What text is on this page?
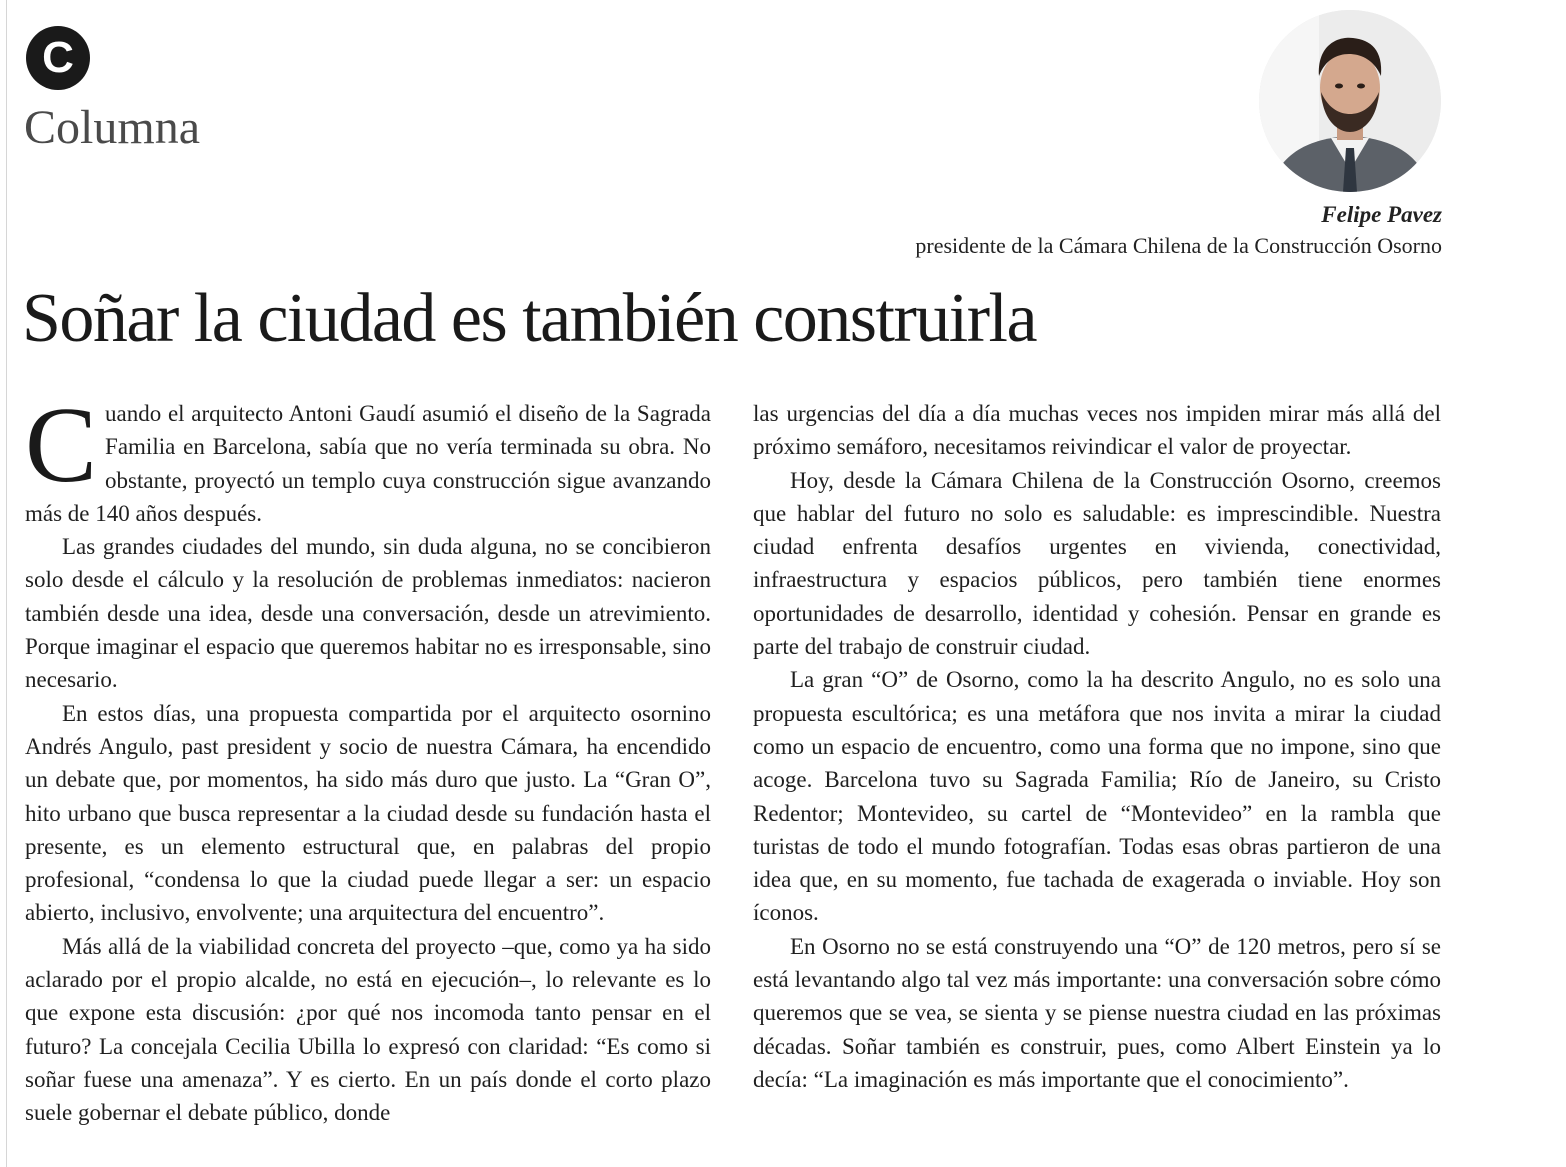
C
Columna
Felipe Pavez
presidente de la Cámara Chilena de la Construcción Osorno
Soñar la ciudad es también construirla

Cuando el arquitecto Antoni Gaudí asumió el diseño de la Sagrada Familia en Barcelona, sabía que no vería terminada su obra. No obstante, proyectó un templo cuya construcción sigue avanzando más de 140 años después.

Las grandes ciudades del mundo, sin duda alguna, no se concibieron solo desde el cálculo y la resolución de problemas inmediatos: nacieron también desde una idea, desde una conversación, desde un atrevimiento. Porque imaginar el espacio que queremos habitar no es irresponsable, sino necesario.

En estos días, una propuesta compartida por el arquitecto osornino Andrés Angulo, past president y socio de nuestra Cámara, ha encendido un debate que, por momentos, ha sido más duro que justo. La “Gran O”, hito urbano que busca representar a la ciudad desde su fundación hasta el presente, es un elemento estructural que, en palabras del propio profesional, “condensa lo que la ciudad puede llegar a ser: un espacio abierto, inclusivo, envolvente; una arquitectura del encuentro”.

Más allá de la viabilidad concreta del proyecto –que, como ya ha sido aclarado por el propio alcalde, no está en ejecución–, lo relevante es lo que expone esta discusión: ¿por qué nos incomoda tanto pensar en el futuro? La concejala Cecilia Ubilla lo expresó con claridad: “Es como si soñar fuese una amenaza”. Y es cierto. En un país donde el corto plazo suele gobernar el debate público, donde

las urgencias del día a día muchas veces nos impiden mirar más allá del próximo semáforo, necesitamos reivindicar el valor de proyectar.

Hoy, desde la Cámara Chilena de la Construcción Osorno, creemos que hablar del futuro no solo es saludable: es imprescindible. Nuestra ciudad enfrenta desafíos urgentes en vivienda, conectividad, infraestructura y espacios públicos, pero también tiene enormes oportunidades de desarrollo, identidad y cohesión. Pensar en grande es parte del trabajo de construir ciudad.

La gran “O” de Osorno, como la ha descrito Angulo, no es solo una propuesta escultórica; es una metáfora que nos invita a mirar la ciudad como un espacio de encuentro, como una forma que no impone, sino que acoge. Barcelona tuvo su Sagrada Familia; Río de Janeiro, su Cristo Redentor; Montevideo, su cartel de “Montevideo” en la rambla que turistas de todo el mundo fotografían. Todas esas obras partieron de una idea que, en su momento, fue tachada de exagerada o inviable. Hoy son íconos.

En Osorno no se está construyendo una “O” de 120 metros, pero sí se está levantando algo tal vez más importante: una conversación sobre cómo queremos que se vea, se sienta y se piense nuestra ciudad en las próximas décadas. Soñar también es construir, pues, como Albert Einstein ya lo decía: “La imaginación es más importante que el conocimiento”.
